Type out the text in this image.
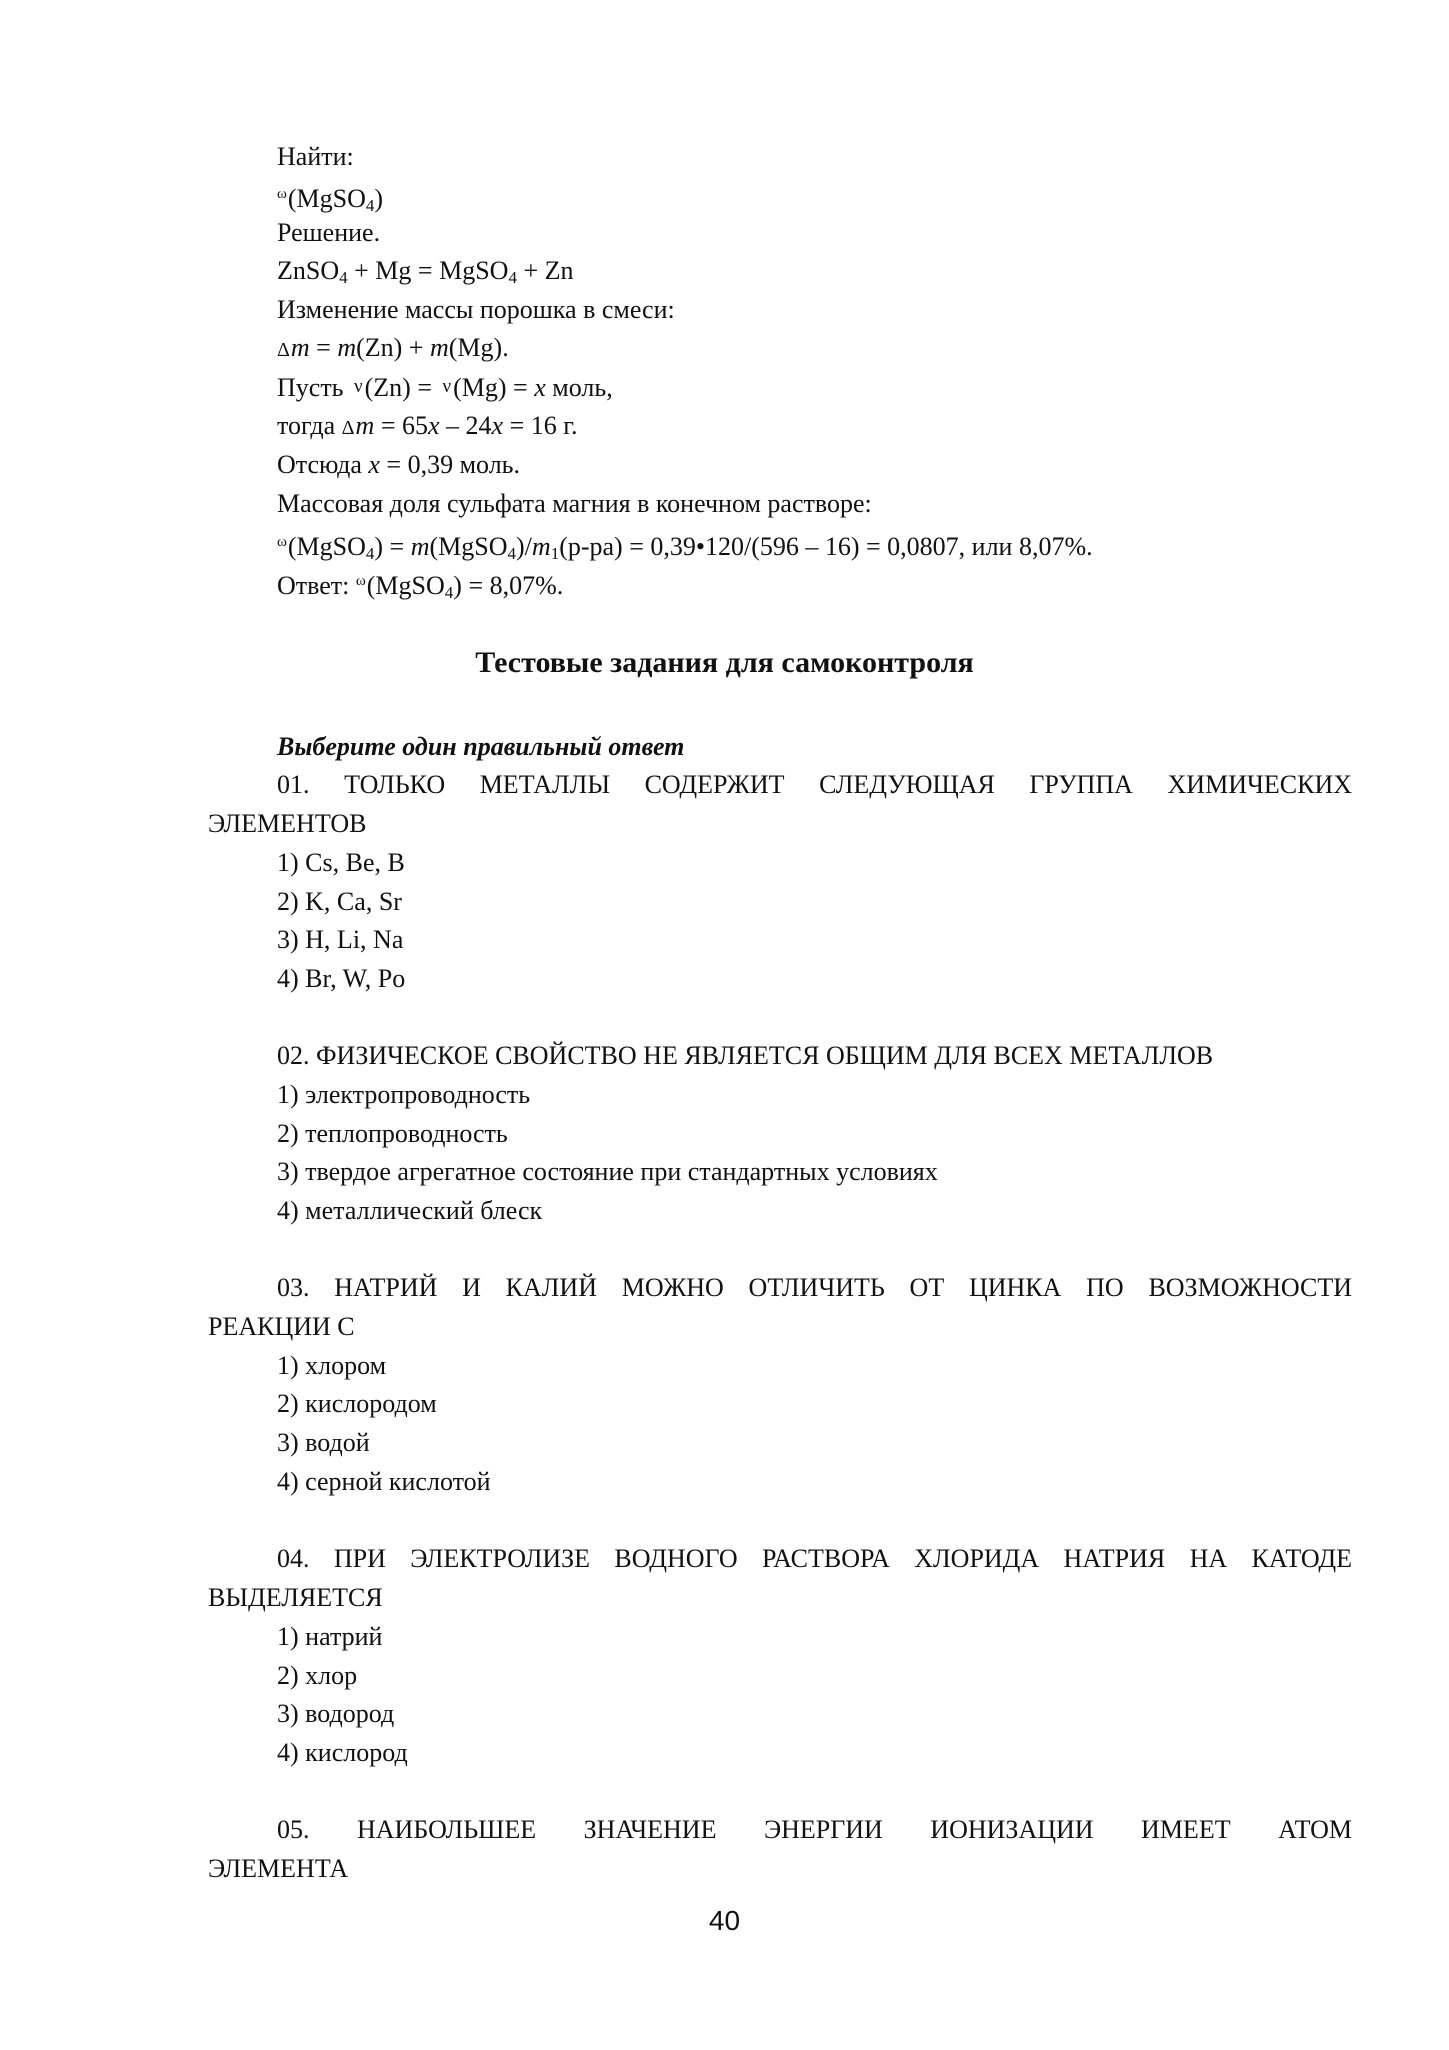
Найти:
$^\omega$(MgSO$_4$)
Решение.
ZnSO$_4$ + Mg = MgSO$_4$ + Zn
Изменение массы порошка в смеси:
Δm = m(Zn) + m(Mg).
Пусть ν(Zn) = ν(Mg) = x моль,
тогда Δm = 65x – 24x = 16 г.
Отсюда x = 0,39 моль.
Массовая доля сульфата магния в конечном растворе:
$^\omega$(MgSO$_4$) = $m(MgSO_4)/m_1(р-ра)$ = 0,39•120/(596 – 16) = 0,0807, или 8,07%.
Ответ: $^\omega$(MgSO$_4$) = 8,07%.
Тестовые задания для самоконтроля
Выберите один правильный ответ
01. ТОЛЬКО МЕТАЛЛЫ СОДЕРЖИТ СЛЕДУЮЩАЯ ГРУППА ХИМИЧЕСКИХ
ЭЛЕМЕНТОВ
1) Cs, Be, B
2) K, Ca, Sr
3) H, Li, Na
4) Br, W, Po
02. ФИЗИЧЕСКОЕ СВОЙСТВО НЕ ЯВЛЯЕТСЯ ОБЩИМ ДЛЯ ВСЕХ МЕТАЛЛОВ
1) электропроводность
2) теплопроводность
3) твердое агрегатное состояние при стандартных условиях
4) металлический блеск
03. НАТРИЙ И КАЛИЙ МОЖНО ОТЛИЧИТЬ ОТ ЦИНКА ПО ВОЗМОЖНОСТИ
РЕАКЦИИ С
1) хлором
2) кислородом
3) водой
4) серной кислотой
04. ПРИ ЭЛЕКТРОЛИЗЕ ВОДНОГО РАСТВОРА ХЛОРИДА НАТРИЯ НА КАТОДЕ
ВЫДЕЛЯЕТСЯ
1) натрий
2) хлор
3) водород
4) кислород
05. НАИБОЛЬШЕЕ ЗНАЧЕНИЕ ЭНЕРГИИ ИОНИЗАЦИИ ИМЕЕТ АТОМ
ЭЛЕМЕНТА
40
